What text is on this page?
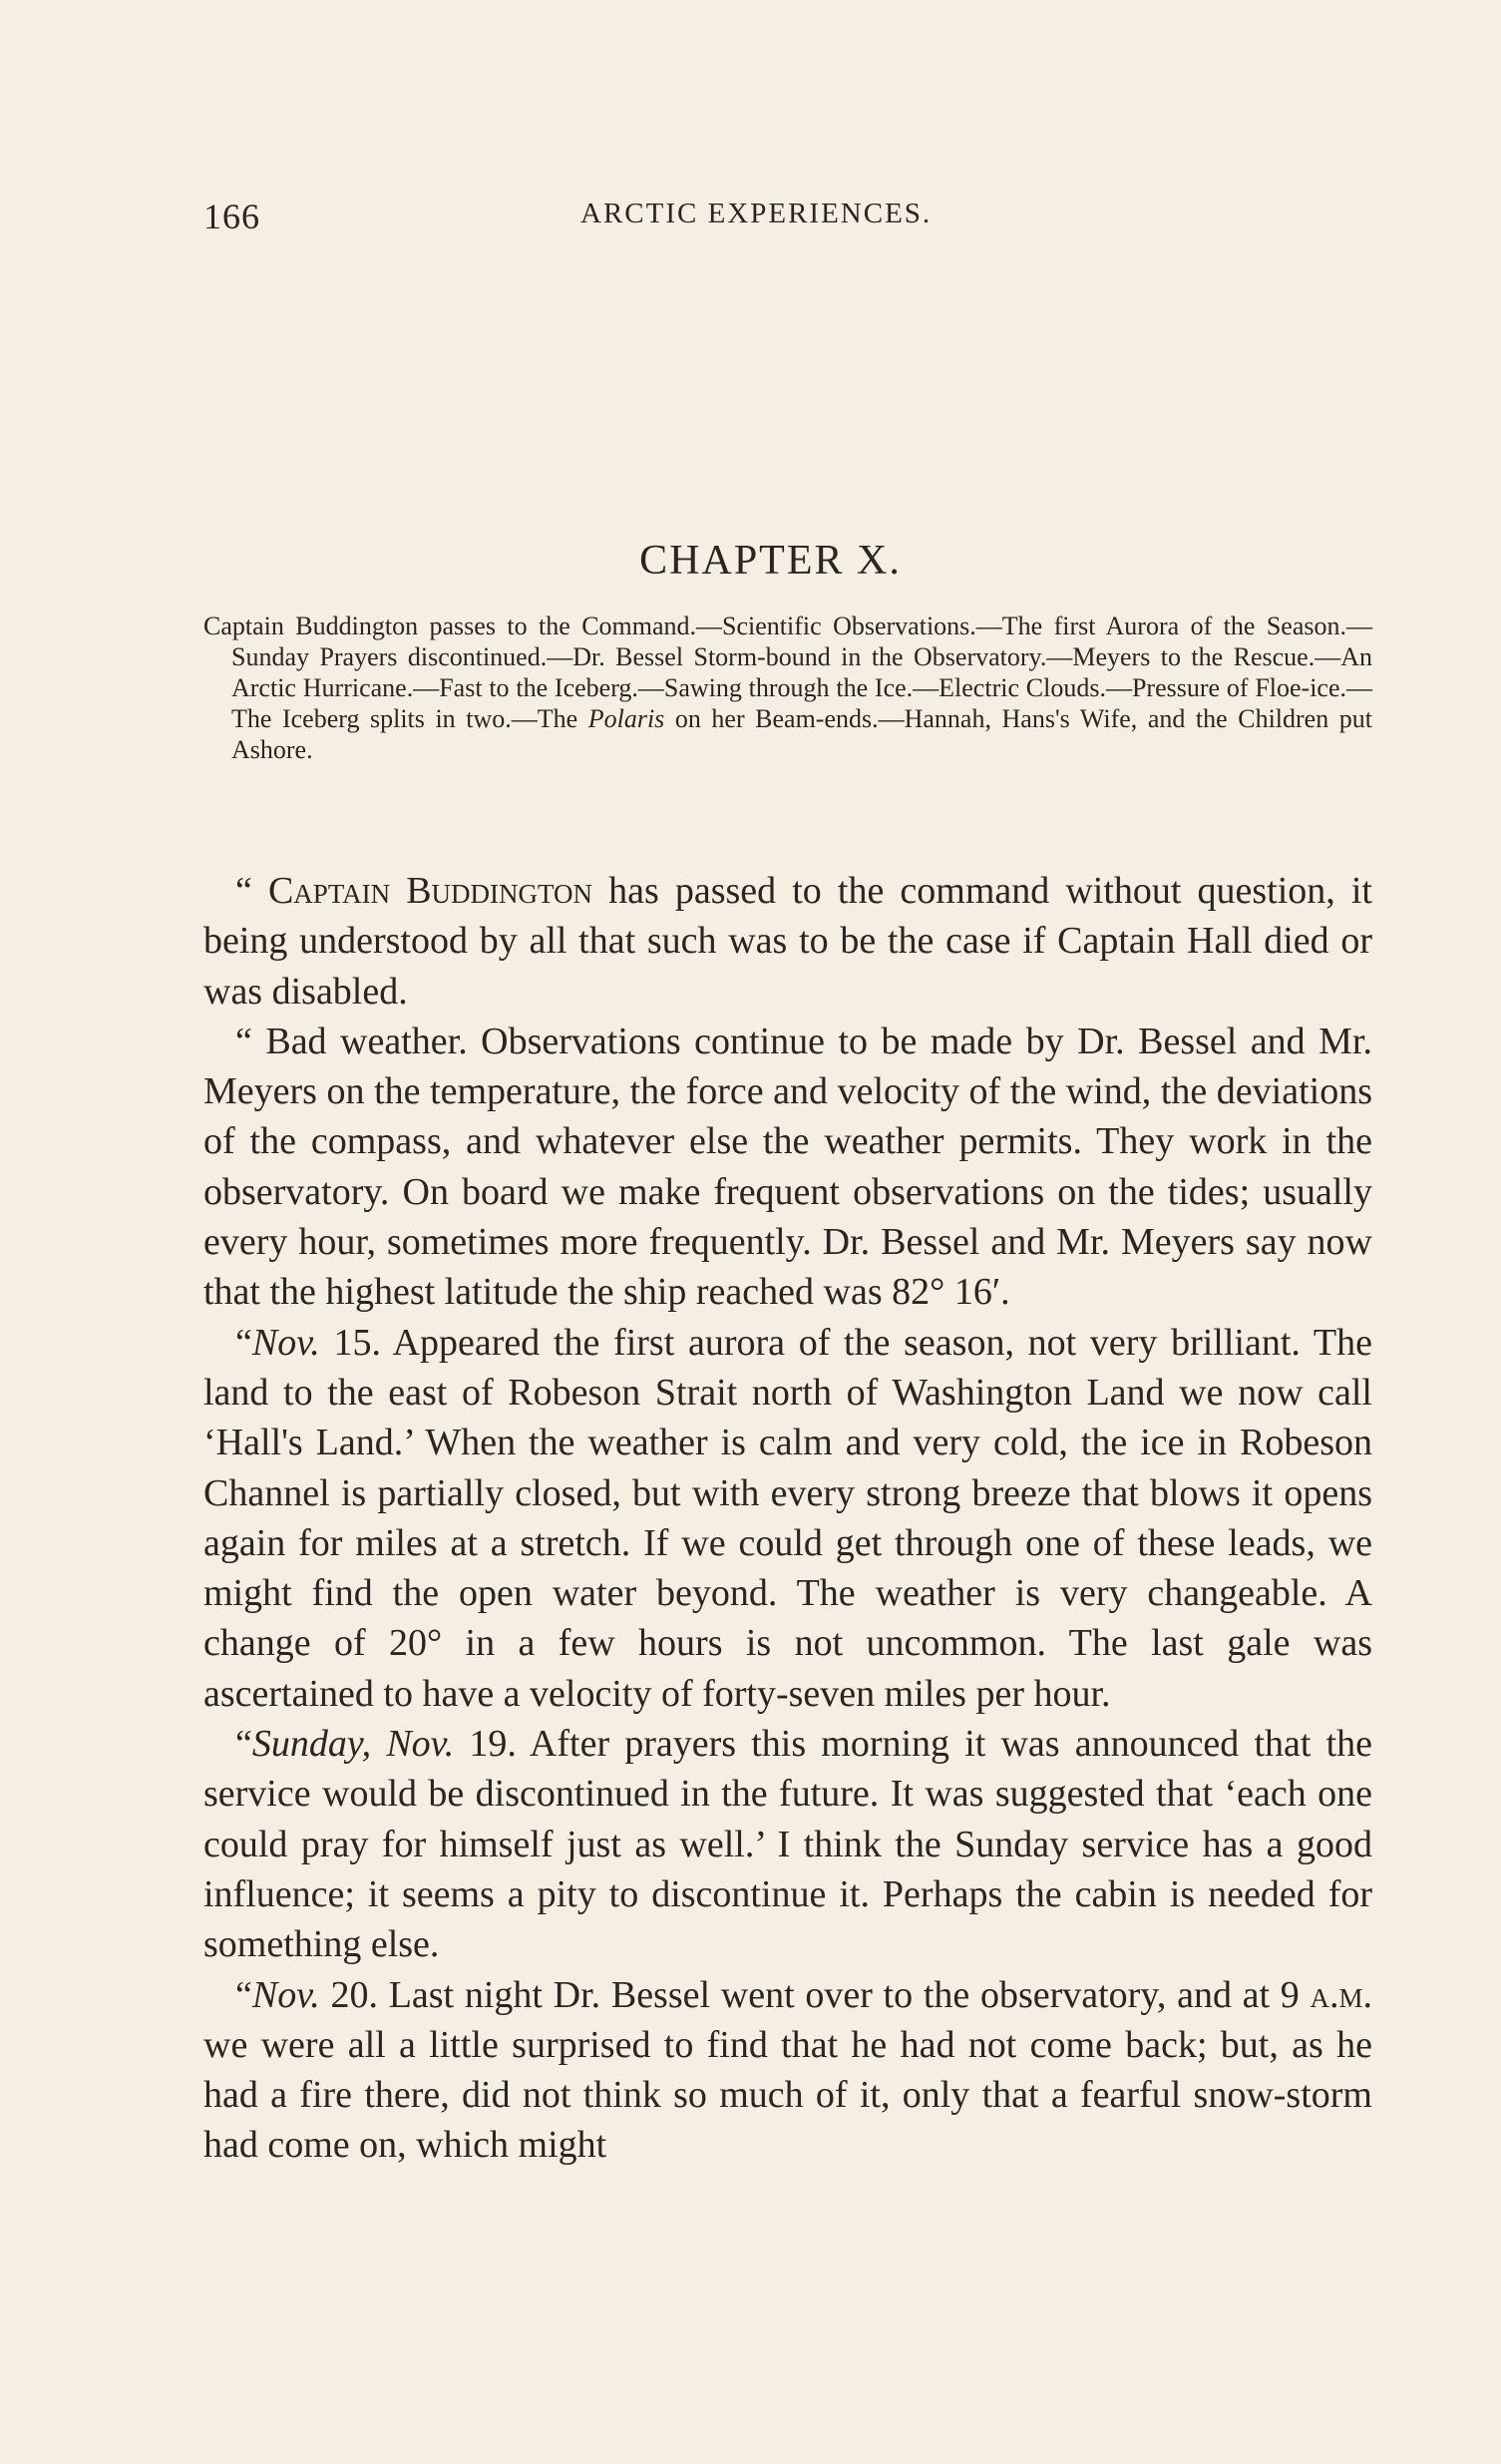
166	ARCTIC EXPERIENCES.
CHAPTER X.
Captain Buddington passes to the Command.—Scientific Observations.—The first Aurora of the Season.—Sunday Prayers discontinued.—Dr. Bessel Storm-bound in the Observatory.—Meyers to the Rescue.—An Arctic Hurricane.—Fast to the Iceberg.—Sawing through the Ice.—Electric Clouds.—Pressure of Floe-ice.—The Iceberg splits in two.—The Polaris on her Beam-ends.—Hannah, Hans's Wife, and the Children put Ashore.

“ Captain Buddington has passed to the command without question, it being understood by all that such was to be the case if Captain Hall died or was disabled.

“ Bad weather. Observations continue to be made by Dr. Bessel and Mr. Meyers on the temperature, the force and velocity of the wind, the deviations of the compass, and whatever else the weather permits. They work in the observatory. On board we make frequent observations on the tides; usually every hour, sometimes more frequently. Dr. Bessel and Mr. Meyers say now that the highest latitude the ship reached was 82° 16′.

“Nov. 15. Appeared the first aurora of the season, not very brilliant. The land to the east of Robeson Strait north of Washington Land we now call ‘Hall's Land.’ When the weather is calm and very cold, the ice in Robeson Channel is partially closed, but with every strong breeze that blows it opens again for miles at a stretch. If we could get through one of these leads, we might find the open water beyond. The weather is very changeable. A change of 20° in a few hours is not uncommon. The last gale was ascertained to have a velocity of forty-seven miles per hour.

“Sunday, Nov. 19. After prayers this morning it was announced that the service would be discontinued in the future. It was suggested that ‘each one could pray for himself just as well.’ I think the Sunday service has a good influence; it seems a pity to discontinue it. Perhaps the cabin is needed for something else.

“Nov. 20. Last night Dr. Bessel went over to the observatory, and at 9 a.m. we were all a little surprised to find that he had not come back; but, as he had a fire there, did not think so much of it, only that a fearful snow-storm had come on, which might
